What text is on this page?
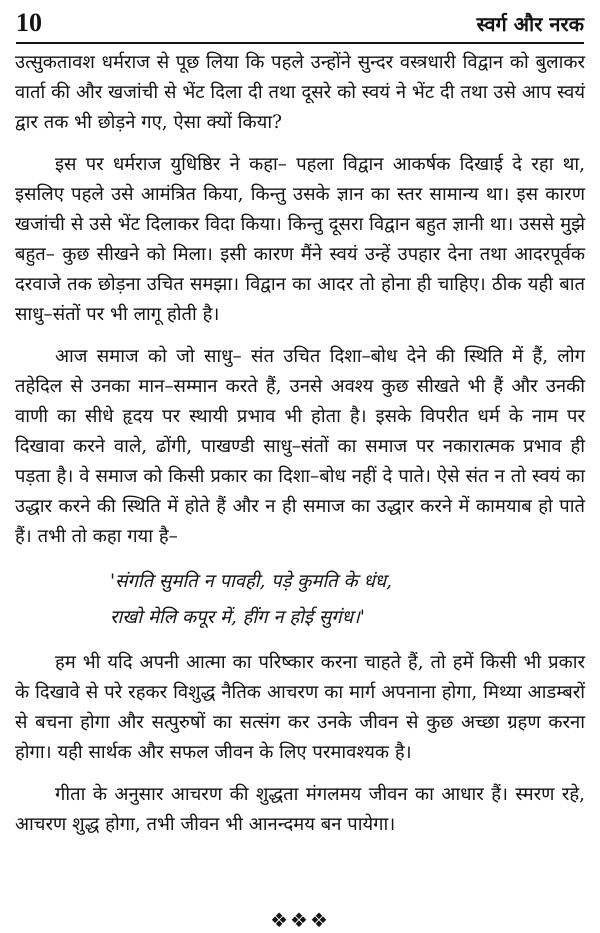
10	स्वर्ग और नरक

उत्सुकतावश धर्मराज से पूछ लिया कि पहले उन्होंने सुन्दर वस्त्रधारी विद्वान को बुलाकर वार्ता की और खजांची से भेंट दिला दी तथा दूसरे को स्वयं ने भेंट दी तथा उसे आप स्वयं द्वार तक भी छोड़ने गए, ऐसा क्यों किया?

इस पर धर्मराज युधिष्ठिर ने कहा– पहला विद्वान आकर्षक दिखाई दे रहा था, इसलिए पहले उसे आमंत्रित किया, किन्तु उसके ज्ञान का स्तर सामान्य था। इस कारण खजांची से उसे भेंट दिलाकर विदा किया। किन्तु दूसरा विद्वान बहुत ज्ञानी था। उससे मुझे बहुत– कुछ सीखने को मिला। इसी कारण मैंने स्वयं उन्हें उपहार देना तथा आदरपूर्वक दरवाजे तक छोड़ना उचित समझा। विद्वान का आदर तो होना ही चाहिए। ठीक यही बात साधु–संतों पर भी लागू होती है।

आज समाज को जो साधु– संत उचित दिशा–बोध देने की स्थिति में हैं, लोग तहेदिल से उनका मान–सम्मान करते हैं, उनसे अवश्य कुछ सीखते भी हैं और उनकी वाणी का सीधे हृदय पर स्थायी प्रभाव भी होता है। इसके विपरीत धर्म के नाम पर दिखावा करने वाले, ढोंगी, पाखण्डी साधु–संतों का समाज पर नकारात्मक प्रभाव ही पड़ता है। वे समाज को किसी प्रकार का दिशा–बोध नहीं दे पाते। ऐसे संत न तो स्वयं का उद्धार करने की स्थिति में होते हैं और न ही समाज का उद्धार करने में कामयाब हो पाते हैं। तभी तो कहा गया है–

'संगति सुमति न पावही, पड़े कुमति के धंध,
राखो मेलि कपूर में, हींग न होई सुगंध।'

हम भी यदि अपनी आत्मा का परिष्कार करना चाहते हैं, तो हमें किसी भी प्रकार के दिखावे से परे रहकर विशुद्ध नैतिक आचरण का मार्ग अपनाना होगा, मिथ्या आडम्बरों से बचना होगा और सत्पुरुषों का सत्संग कर उनके जीवन से कुछ अच्छा ग्रहण करना होगा। यही सार्थक और सफल जीवन के लिए परमावश्यक है।

गीता के अनुसार आचरण की शुद्धता मंगलमय जीवन का आधार हैं। स्मरण रहे, आचरण शुद्ध होगा, तभी जीवन भी आनन्दमय बन पायेगा।

❖❖❖
